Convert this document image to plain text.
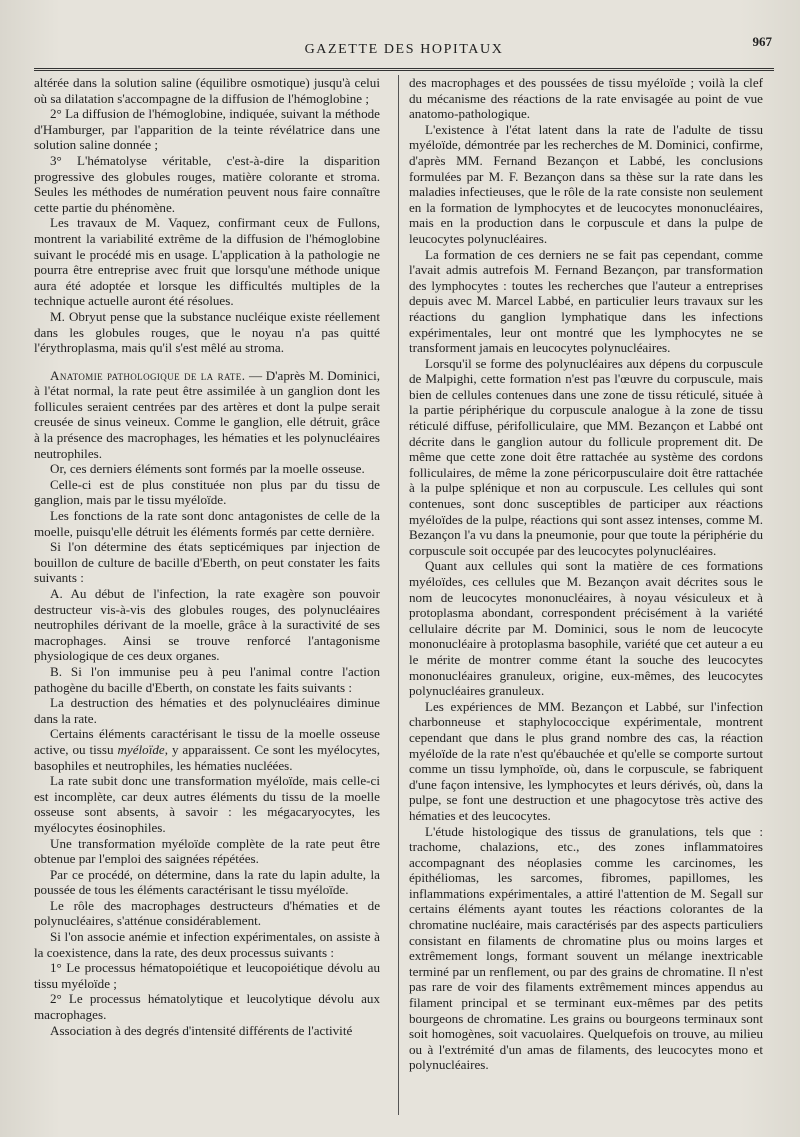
GAZETTE DES HOPITAUX
967

altérée dans la solution saline (équilibre osmotique) jusqu'à celui où sa dilatation s'accompagne de la diffusion de l'hémoglobine ;

2° La diffusion de l'hémoglobine, indiquée, suivant la méthode d'Hamburger, par l'apparition de la teinte révélatrice dans une solution saline donnée ;

3° L'hématolyse véritable, c'est-à-dire la disparition progressive des globules rouges, matière colorante et stroma. Seules les méthodes de numération peuvent nous faire connaître cette partie du phénomène.

Les travaux de M. Vaquez, confirmant ceux de Fullons, montrent la variabilité extrême de la diffusion de l'hémoglobine suivant le procédé mis en usage. L'application à la pathologie ne pourra être entreprise avec fruit que lorsqu'une méthode unique aura été adoptée et lorsque les difficultés multiples de la technique actuelle auront été résolues.

M. Obryut pense que la substance nucléique existe réellement dans les globules rouges, que le noyau n'a pas quitté l'érythroplasma, mais qu'il s'est mêlé au stroma.

Anatomie pathologique de la rate. — D'après M. Dominici, à l'état normal, la rate peut être assimilée à un ganglion dont les follicules seraient centrées par des artères et dont la pulpe serait creusée de sinus veineux. Comme le ganglion, elle détruit, grâce à la présence des macrophages, les hématies et les polynucléaires neutrophiles.

Or, ces derniers éléments sont formés par la moelle osseuse.

Celle-ci est de plus constituée non plus par du tissu de ganglion, mais par le tissu myéloïde.

Les fonctions de la rate sont donc antagonistes de celle de la moelle, puisqu'elle détruit les éléments formés par cette dernière.

Si l'on détermine des états septicémiques par injection de bouillon de culture de bacille d'Eberth, on peut constater les faits suivants :

A. Au début de l'infection, la rate exagère son pouvoir destructeur vis-à-vis des globules rouges, des polynucléaires neutrophiles dérivant de la moelle, grâce à la suractivité de ses macrophages. Ainsi se trouve renforcé l'antagonisme physiologique de ces deux organes.

B. Si l'on immunise peu à peu l'animal contre l'action pathogène du bacille d'Eberth, on constate les faits suivants :

La destruction des hématies et des polynucléaires diminue dans la rate.

Certains éléments caractérisant le tissu de la moelle osseuse active, ou tissu myéloïde, y apparaissent. Ce sont les myélocytes, basophiles et neutrophiles, les hématies nucléées.

La rate subit donc une transformation myéloïde, mais celle-ci est incomplète, car deux autres éléments du tissu de la moelle osseuse sont absents, à savoir : les mégacaryocytes, les myélocytes éosinophiles.

Une transformation myéloïde complète de la rate peut être obtenue par l'emploi des saignées répétées.

Par ce procédé, on détermine, dans la rate du lapin adulte, la poussée de tous les éléments caractérisant le tissu myéloïde.

Le rôle des macrophages destructeurs d'hématies et de polynucléaires, s'atténue considérablement.

Si l'on associe anémie et infection expérimentales, on assiste à la coexistence, dans la rate, des deux processus suivants :

1° Le processus hématopoiétique et leucopoiétique dévolu au tissu myéloïde ;

2° Le processus hématolytique et leucolytique dévolu aux macrophages.

Association à des degrés d'intensité différents de l'activité

des macrophages et des poussées de tissu myéloïde ; voilà la clef du mécanisme des réactions de la rate envisagée au point de vue anatomo-pathologique.

L'existence à l'état latent dans la rate de l'adulte de tissu myéloïde, démontrée par les recherches de M. Dominici, confirme, d'après MM. Fernand Bezançon et Labbé, les conclusions formulées par M. F. Bezançon dans sa thèse sur la rate dans les maladies infectieuses, que le rôle de la rate consiste non seulement en la formation de lymphocytes et de leucocytes mononucléaires, mais en la production dans le corpuscule et dans la pulpe de leucocytes polynucléaires.

La formation de ces derniers ne se fait pas cependant, comme l'avait admis autrefois M. Fernand Bezançon, par transformation des lymphocytes : toutes les recherches que l'auteur a entreprises depuis avec M. Marcel Labbé, en particulier leurs travaux sur les réactions du ganglion lymphatique dans les infections expérimentales, leur ont montré que les lymphocytes ne se transforment jamais en leucocytes polynucléaires.

Lorsqu'il se forme des polynucléaires aux dépens du corpuscule de Malpighi, cette formation n'est pas l'œuvre du corpuscule, mais bien de cellules contenues dans une zone de tissu réticulé, située à la partie périphérique du corpuscule analogue à la zone de tissu réticulé diffuse, périfolliculaire, que MM. Bezançon et Labbé ont décrite dans le ganglion autour du follicule proprement dit. De même que cette zone doit être rattachée au système des cordons folliculaires, de même la zone péricorpusculaire doit être rattachée à la pulpe splénique et non au corpuscule. Les cellules qui sont contenues, sont donc susceptibles de participer aux réactions myéloïdes de la pulpe, réactions qui sont assez intenses, comme M. Bezançon l'a vu dans la pneumonie, pour que toute la périphérie du corpuscule soit occupée par des leucocytes polynucléaires.

Quant aux cellules qui sont la matière de ces formations myéloïdes, ces cellules que M. Bezançon avait décrites sous le nom de leucocytes mononucléaires, à noyau vésiculeux et à protoplasma abondant, correspondent précisément à la variété cellulaire décrite par M. Dominici, sous le nom de leucocyte mononucléaire à protoplasma basophile, variété que cet auteur a eu le mérite de montrer comme étant la souche des leucocytes mononucléaires granuleux, origine, eux-mêmes, des leucocytes polynucléaires granuleux.

Les expériences de MM. Bezançon et Labbé, sur l'infection charbonneuse et staphylococcique expérimentale, montrent cependant que dans le plus grand nombre des cas, la réaction myéloïde de la rate n'est qu'ébauchée et qu'elle se comporte surtout comme un tissu lymphoïde, où, dans le corpuscule, se fabriquent d'une façon intensive, les lymphocytes et leurs dérivés, où, dans la pulpe, se font une destruction et une phagocytose très active des hématies et des leucocytes.

L'étude histologique des tissus de granulations, tels que : trachome, chalazions, etc., des zones inflammatoires accompagnant des néoplasies comme les carcinomes, les épithéliomas, les sarcomes, fibromes, papillomes, les inflammations expérimentales, a attiré l'attention de M. Segall sur certains éléments ayant toutes les réactions colorantes de la chromatine nucléaire, mais caractérisés par des aspects particuliers consistant en filaments de chromatine plus ou moins larges et extrêmement longs, formant souvent un mélange inextricable terminé par un renflement, ou par des grains de chromatine. Il n'est pas rare de voir des filaments extrêmement minces appendus au filament principal et se terminant eux-mêmes par des petits bourgeons de chromatine. Les grains ou bourgeons terminaux sont soit homogènes, soit vacuolaires. Quelquefois on trouve, au milieu ou à l'extrémité d'un amas de filaments, des leucocytes mono et polynucléaires.
